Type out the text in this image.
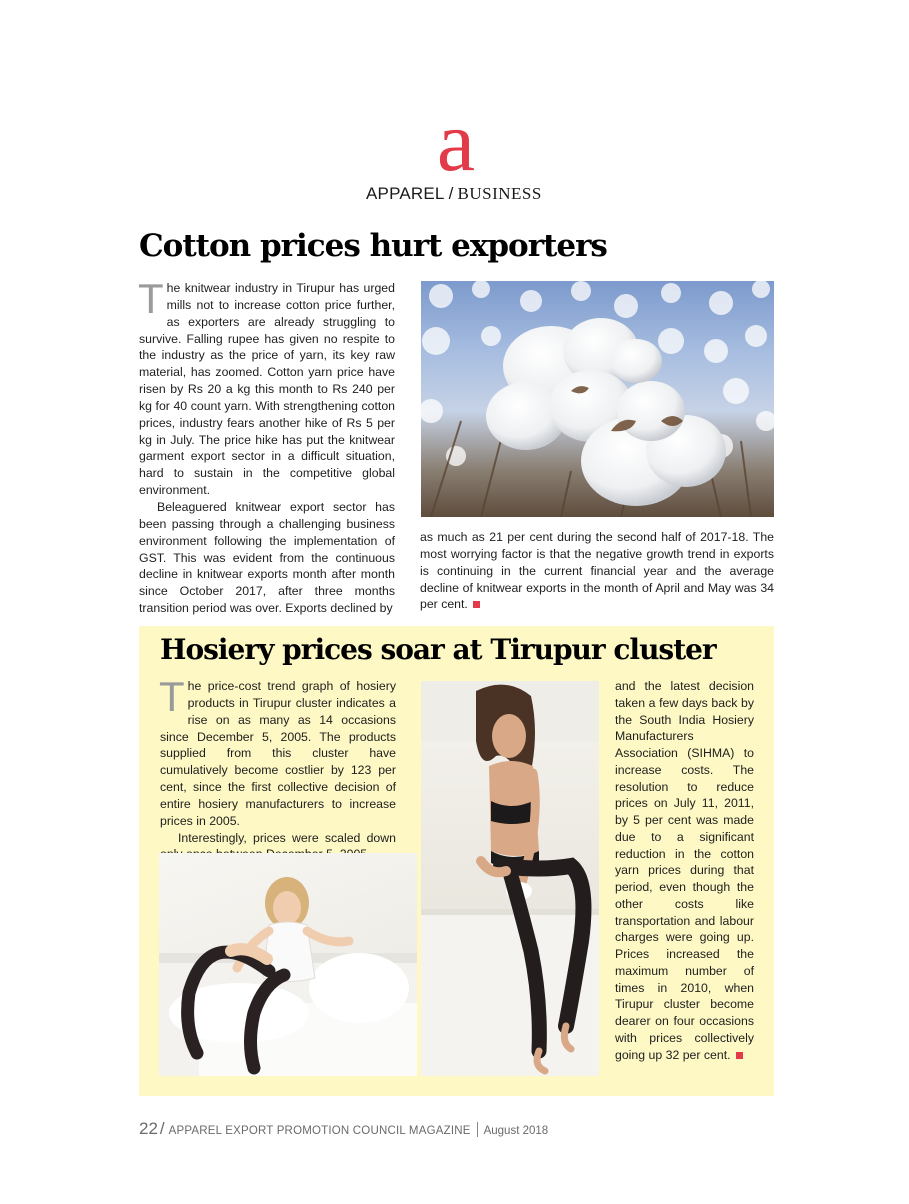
a
APPAREL / BUSINESS
Cotton prices hurt exporters

The knitwear industry in Tirupur has urged mills not to increase cotton price further, as exporters are already struggling to survive. Falling rupee has given no respite to the industry as the price of yarn, its key raw material, has zoomed. Cotton yarn price have risen by Rs 20 a kg this month to Rs 240 per kg for 40 count yarn. With strengthening cotton prices, industry fears another hike of Rs 5 per kg in July. The price hike has put the knitwear garment export sector in a difficult situation, hard to sustain in the competitive global environment.

Beleaguered knitwear export sector has been passing through a challenging business environment following the implementation of GST. This was evident from the continuous decline in knitwear exports month after month since October 2017, after three months transition period was over. Exports declined by

as much as 21 per cent during the second half of 2017-18. The most worrying factor is that the negative growth trend in exports is continuing in the current financial year and the average decline of knitwear exports in the month of April and May was 34 per cent.

Hosiery prices soar at Tirupur cluster

The price-cost trend graph of hosiery products in Tirupur cluster indicates a rise on as many as 14 occasions since December 5, 2005. The products supplied from this cluster have cumulatively become costlier by 123 per cent, since the first collective decision of entire hosiery manufacturers to increase prices in 2005.

Interestingly, prices were scaled down

and the latest decision taken a few days back by the South India Hosiery Manufacturers Association (SIHMA) to increase costs. The resolution to reduce prices on July 11, 2011, by 5 per cent was made due to a significant reduction in the cotton yarn prices during that period, even though the other costs like transportation and labour charges were going up. Prices increased the maximum number of times in 2010, when Tirupur cluster become dearer on four occasions with prices collectively going up 32 per cent.

22 / APPAREL EXPORT PROMOTION COUNCIL MAGAZINE August 2018
